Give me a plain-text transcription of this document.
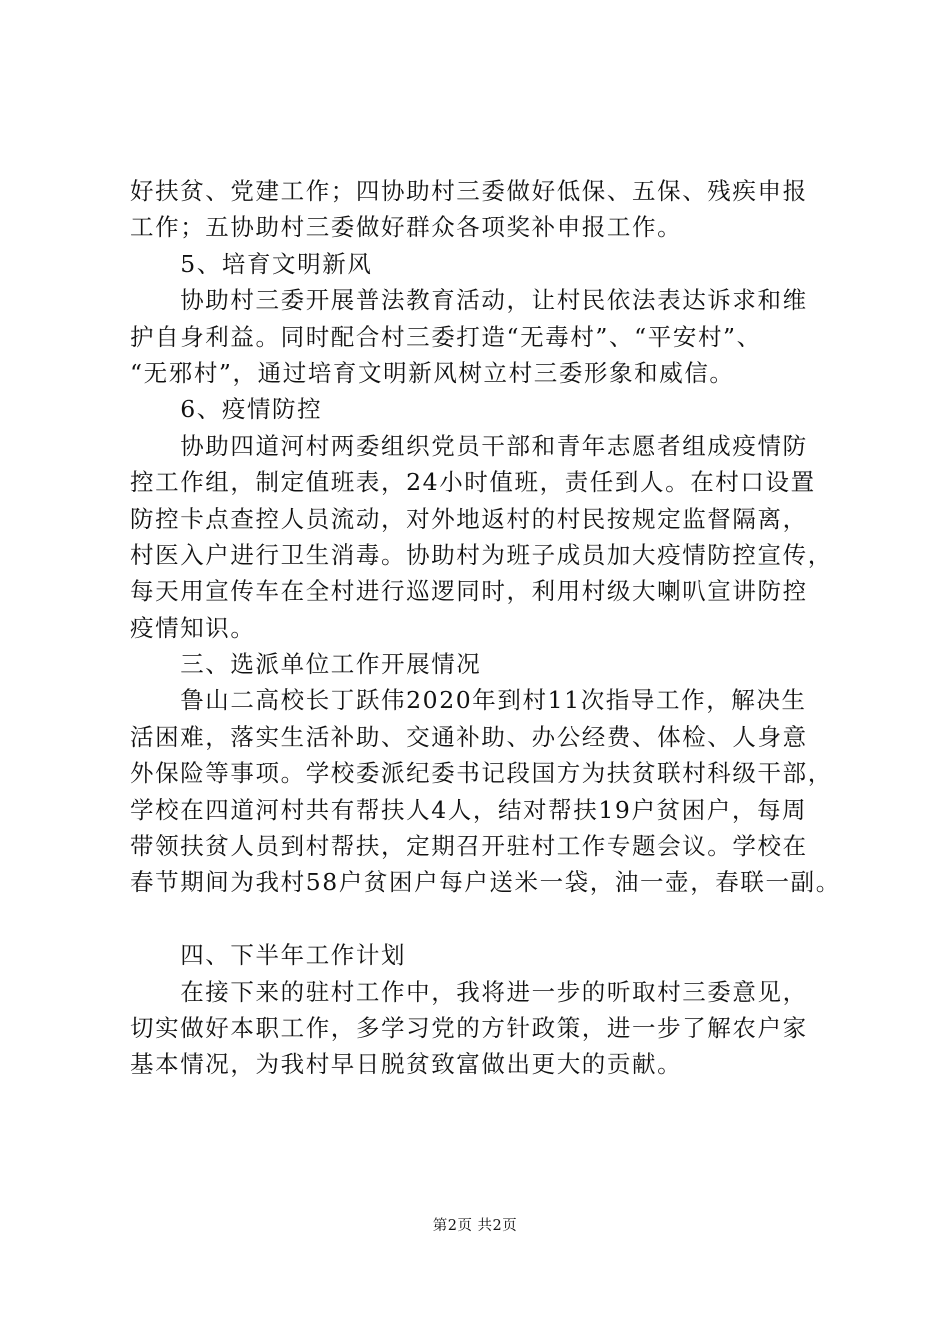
好扶贫、党建工作；四协助村三委做好低保、五保、残疾申报
工作；五协助村三委做好群众各项奖补申报工作。
　　5、培育文明新风
　　协助村三委开展普法教育活动，让村民依法表达诉求和维
护自身利益。同时配合村三委打造“无毒村”、“平安村”、
“无邪村”，通过培育文明新风树立村三委形象和威信。
　　6、疫情防控
　　协助四道河村两委组织党员干部和青年志愿者组成疫情防
控工作组，制定值班表，24小时值班，责任到人。在村口设置
防控卡点查控人员流动，对外地返村的村民按规定监督隔离，
村医入户进行卫生消毒。协助村为班子成员加大疫情防控宣传，
每天用宣传车在全村进行巡逻同时，利用村级大喇叭宣讲防控
疫情知识。
　　三、选派单位工作开展情况
　　鲁山二高校长丁跃伟2020年到村11次指导工作，解决生
活困难，落实生活补助、交通补助、办公经费、体检、人身意
外保险等事项。学校委派纪委书记段国方为扶贫联村科级干部，
学校在四道河村共有帮扶人4人，结对帮扶19户贫困户，每周
带领扶贫人员到村帮扶，定期召开驻村工作专题会议。学校在
春节期间为我村58户贫困户每户送米一袋，油一壶，春联一副。
　　四、下半年工作计划
　　在接下来的驻村工作中，我将进一步的听取村三委意见，
切实做好本职工作，多学习党的方针政策，进一步了解农户家
基本情况，为我村早日脱贫致富做出更大的贡献。
第2页 共2页
